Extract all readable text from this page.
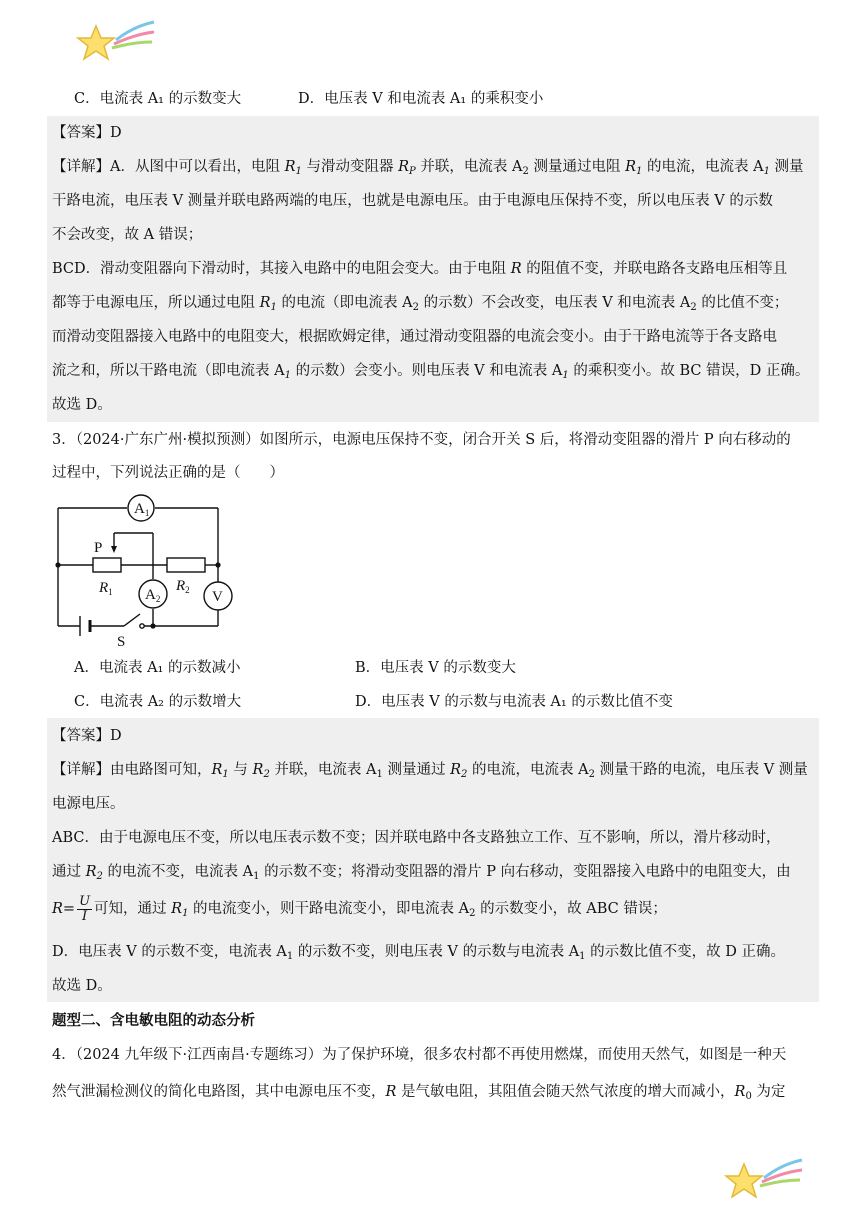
C．电流表 A₁ 的示数变大	D．电压表 V 和电流表 A₁ 的乘积变小
【答案】D
【详解】A．从图中可以看出，电阻 $R_1$ 与滑动变阻器 $R_P$ 并联，电流表 $A_2$ 测量通过电阻 $R_1$ 的电流，电流表 $A_1$ 测量
干路电流，电压表 V 测量并联电路两端的电压，也就是电源电压。由于电源电压保持不变，所以电压表 V 的示数
不会改变，故 A 错误；
BCD．滑动变阻器向下滑动时，其接入电路中的电阻会变大。由于电阻 R 的阻值不变，并联电路各支路电压相等且
都等于电源电压，所以通过电阻 $R_1$ 的电流（即电流表 $A_2$ 的示数）不会改变，电压表 V 和电流表 $A_2$ 的比值不变；
而滑动变阻器接入电路中的电阻变大，根据欧姆定律，通过滑动变阻器的电流会变小。由于干路电流等于各支路电
流之和，所以干路电流（即电流表 $A_1$ 的示数）会变小。则电压表 V 和电流表 $A_1$ 的乘积变小。故 BC 错误，D 正确。
故选 D。
3．（2024·广东广州·模拟预测）如图所示，电源电压保持不变，闭合开关 S 后，将滑动变阻器的滑片 P 向右移动的
过程中，下列说法正确的是（　　）
$A_1$
$A_2$	V
P
$R_1$	$R_2$
S
A．电流表 A₁ 的示数减小	B．电压表 V 的示数变大
C．电流表 A₂ 的示数增大	D．电压表 V 的示数与电流表 A₁ 的示数比值不变
【答案】D
【详解】由电路图可知，$R_1$ 与 $R_2$ 并联，电流表 $A_1$ 测量通过 $R_2$ 的电流，电流表 $A_2$ 测量干路的电流，电压表 V 测量
电源电压。
ABC．由于电源电压不变，所以电压表示数不变；因并联电路中各支路独立工作、互不影响，所以，滑片移动时，
通过 $R_2$ 的电流不变，电流表 $A_1$ 的示数不变；将滑动变阻器的滑片 P 向右移动，变阻器接入电路中的电阻变大，由
$R= \frac{U}{I}$ 可知，通过 $R_1$ 的电流变小，则干路电流变小，即电流表 $A_2$ 的示数变小，故 ABC 错误；
D．电压表 V 的示数不变，电流表 $A_1$ 的示数不变，则电压表 V 的示数与电流表 $A_1$ 的示数比值不变，故 D 正确。
故选 D。
题型二、含电敏电阻的动态分析
4．（2024 九年级下·江西南昌·专题练习）为了保护环境，很多农村都不再使用燃煤，而使用天然气，如图是一种天
然气泄漏检测仪的简化电路图，其中电源电压不变，R 是气敏电阻，其阻值会随天然气浓度的增大而减小，$R_0$ 为定
